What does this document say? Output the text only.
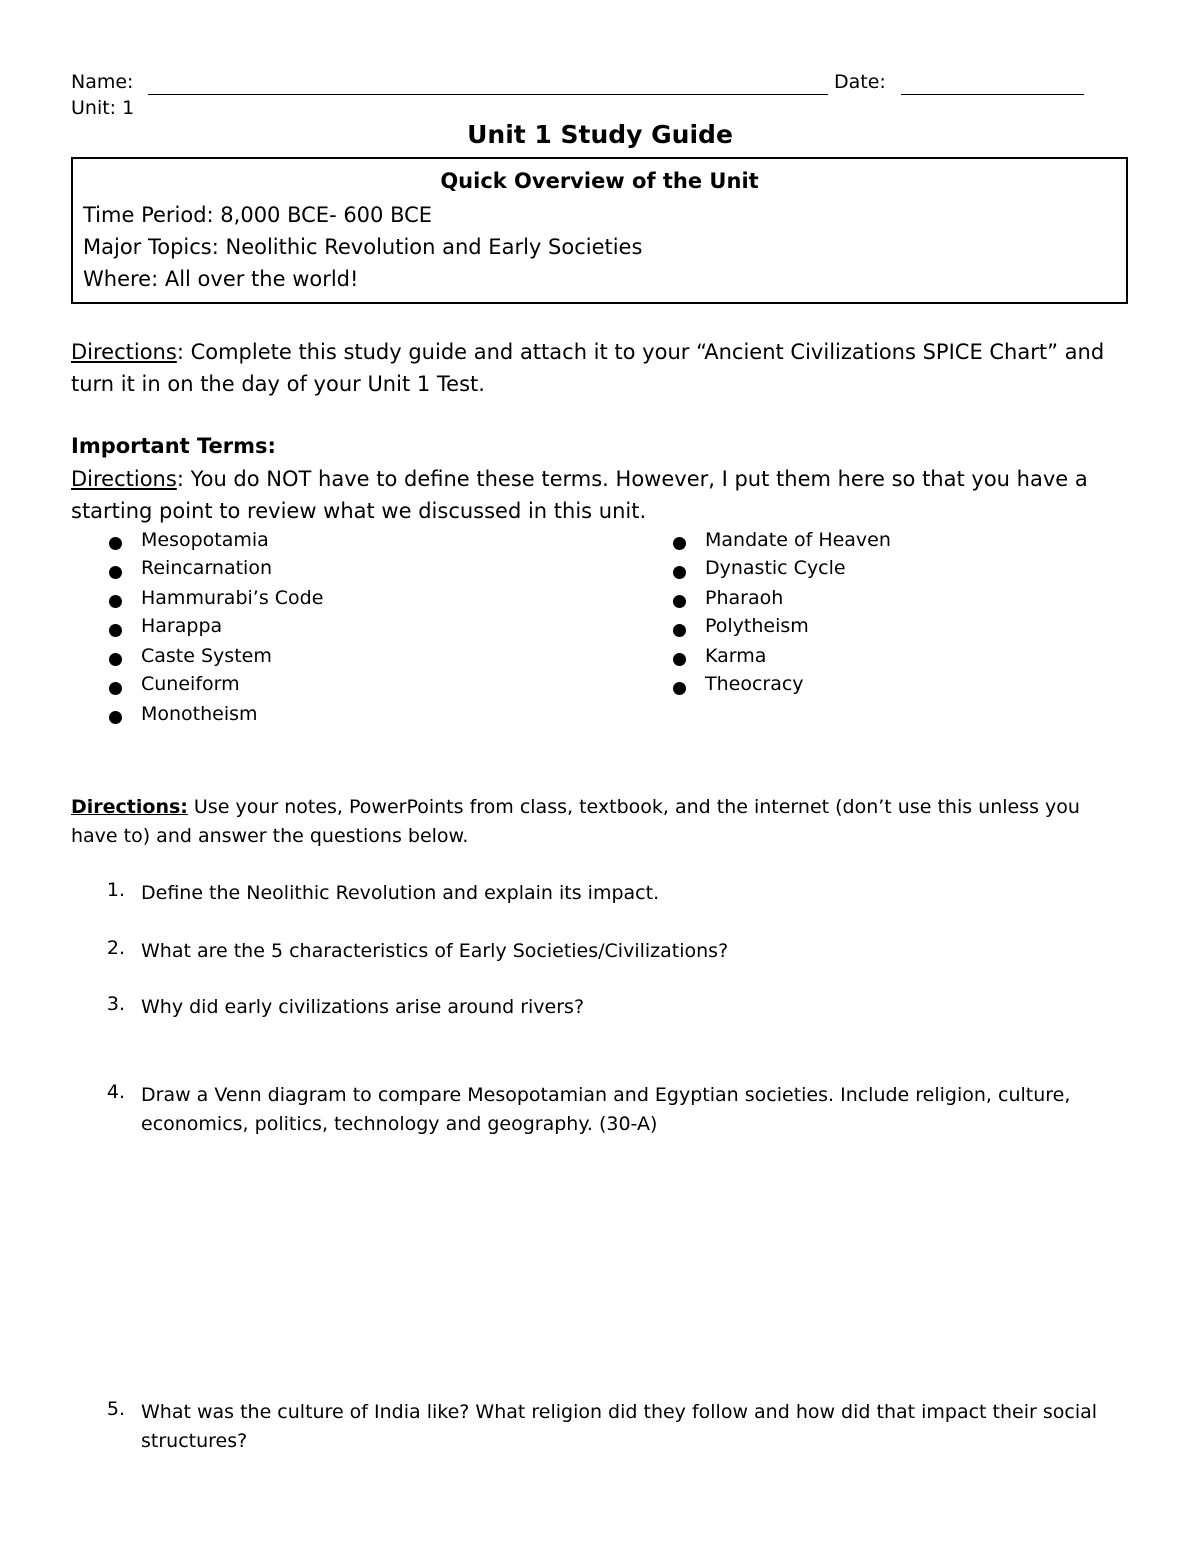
Name:	Date:
Unit: 1
Unit 1 Study Guide
Quick Overview of the Unit
Time Period: 8,000 BCE- 600 BCE
Major Topics: Neolithic Revolution and Early Societies
Where: All over the world!
Directions: Complete this study guide and attach it to your “Ancient Civilizations SPICE Chart” and turn it in on the day of your Unit 1 Test.
Important Terms:
Directions: You do NOT have to define these terms. However, I put them here so that you have a starting point to review what we discussed in this unit.
Mesopotamia
Reincarnation
Hammurabi’s Code
Harappa
Caste System
Cuneiform
Monotheism
Mandate of Heaven
Dynastic Cycle
Pharaoh
Polytheism
Karma
Theocracy
Directions: Use your notes, PowerPoints from class, textbook, and the internet (don’t use this unless you have to) and answer the questions below.
1. Define the Neolithic Revolution and explain its impact.
2. What are the 5 characteristics of Early Societies/Civilizations?
3. Why did early civilizations arise around rivers?
4. Draw a Venn diagram to compare Mesopotamian and Egyptian societies. Include religion, culture, economics, politics, technology and geography. (30-A)
5. What was the culture of India like? What religion did they follow and how did that impact their social structures?
